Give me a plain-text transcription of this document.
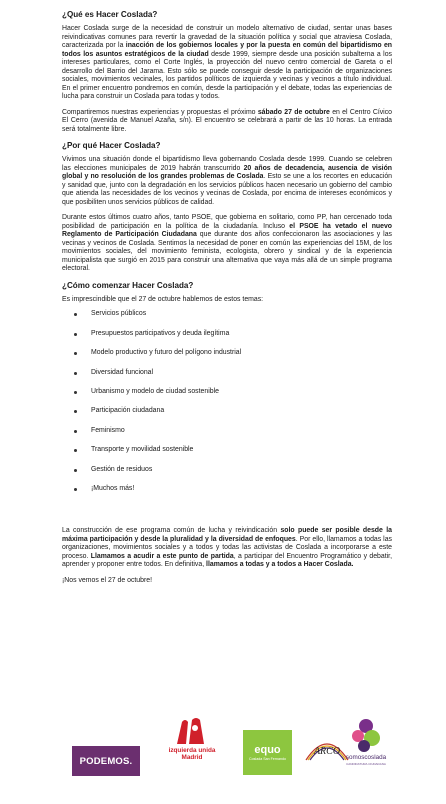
¿Qué es Hacer Coslada?

Hacer Coslada surge de la necesidad de construir un modelo alternativo de ciudad, sentar unas bases reivindicativas comunes para revertir la gravedad de la situación política y social que atraviesa Coslada, caracterizada por la inacción de los gobiernos locales y por la puesta en común del bipartidismo en todos los asuntos estratégicos de la ciudad desde 1999, siempre desde una posición subalterna a los intereses particulares, como el Corte Inglés, la proyección del nuevo centro comercial de Gareta o el desarrollo del Barrio del Jarama. Esto sólo se puede conseguir desde la participación de organizaciones sociales, movimientos vecinales, los partidos políticos de izquierda y vecinas y vecinos a título individual. En el primer encuentro pondremos en común, desde la participación y el debate, todas las experiencias de lucha para construir un Coslada para todas y todos.

Compartiremos nuestras experiencias y propuestas el próximo sábado 27 de octubre en el Centro Cívico El Cerro (avenida de Manuel Azaña, s/n). El encuentro se celebrará a partir de las 10 horas. La entrada será totalmente libre.

¿Por qué Hacer Coslada?

Vivimos una situación donde el bipartidismo lleva gobernando Coslada desde 1999. Cuando se celebren las elecciones municipales de 2019 habrán transcurrido 20 años de decadencia, ausencia de visión global y no resolución de los grandes problemas de Coslada. Esto se une a los recortes en educación y sanidad que, junto con la degradación en los servicios públicos hacen necesario un gobierno del cambio que atienda las necesidades de los vecinos y vecinas de Coslada, por encima de intereses económicos y que posibiliten unos servicios públicos de calidad.

Durante estos últimos cuatro años, tanto PSOE, que gobierna en solitario, como PP, han cercenado toda posibilidad de participación en la política de la ciudadanía. Incluso el PSOE ha vetado el nuevo Reglamento de Participación Ciudadana que durante dos años confeccionaron las asociaciones y las vecinas y vecinos de Coslada. Sentimos la necesidad de poner en común las experiencias del 15M, de los movimientos sociales, del movimiento feminista, ecologista, obrero y sindical y de la experiencia municipalista que surgió en 2015 para construir una alternativa que vaya más allá de un simple programa electoral.

¿Cómo comenzar Hacer Coslada?

Es imprescindible que el 27 de octubre hablemos de estos temas:

Servicios públicos
Presupuestos participativos y deuda ilegítima
Modelo productivo y futuro del polígono industrial
Diversidad funcional
Urbanismo y modelo de ciudad sostenible
Participación ciudadana
Feminismo
Transporte y movilidad sostenible
Gestión de residuos
¡Muchos más!

La construcción de ese programa común de lucha y reivindicación solo puede ser posible desde la máxima participación y desde la pluralidad y la diversidad de enfoques. Por ello, llamamos a todas las organizaciones, movimientos sociales y a todos y todas las activistas de Coslada a incorporarse a este proceso. Llamamos a acudir a este punto de partida, a participar del Encuentro Programático y debatir, aprender y proponer entre todos. En definitiva, llamamos a todas y a todos a Hacer Coslada.

¡Nos vemos el 27 de octubre!

PODEMOS.
izquierda unida
Madrid
equo
Coslada San Fernando
ARCO
somoscoslada
CANDIDATURA CIUDADANA
